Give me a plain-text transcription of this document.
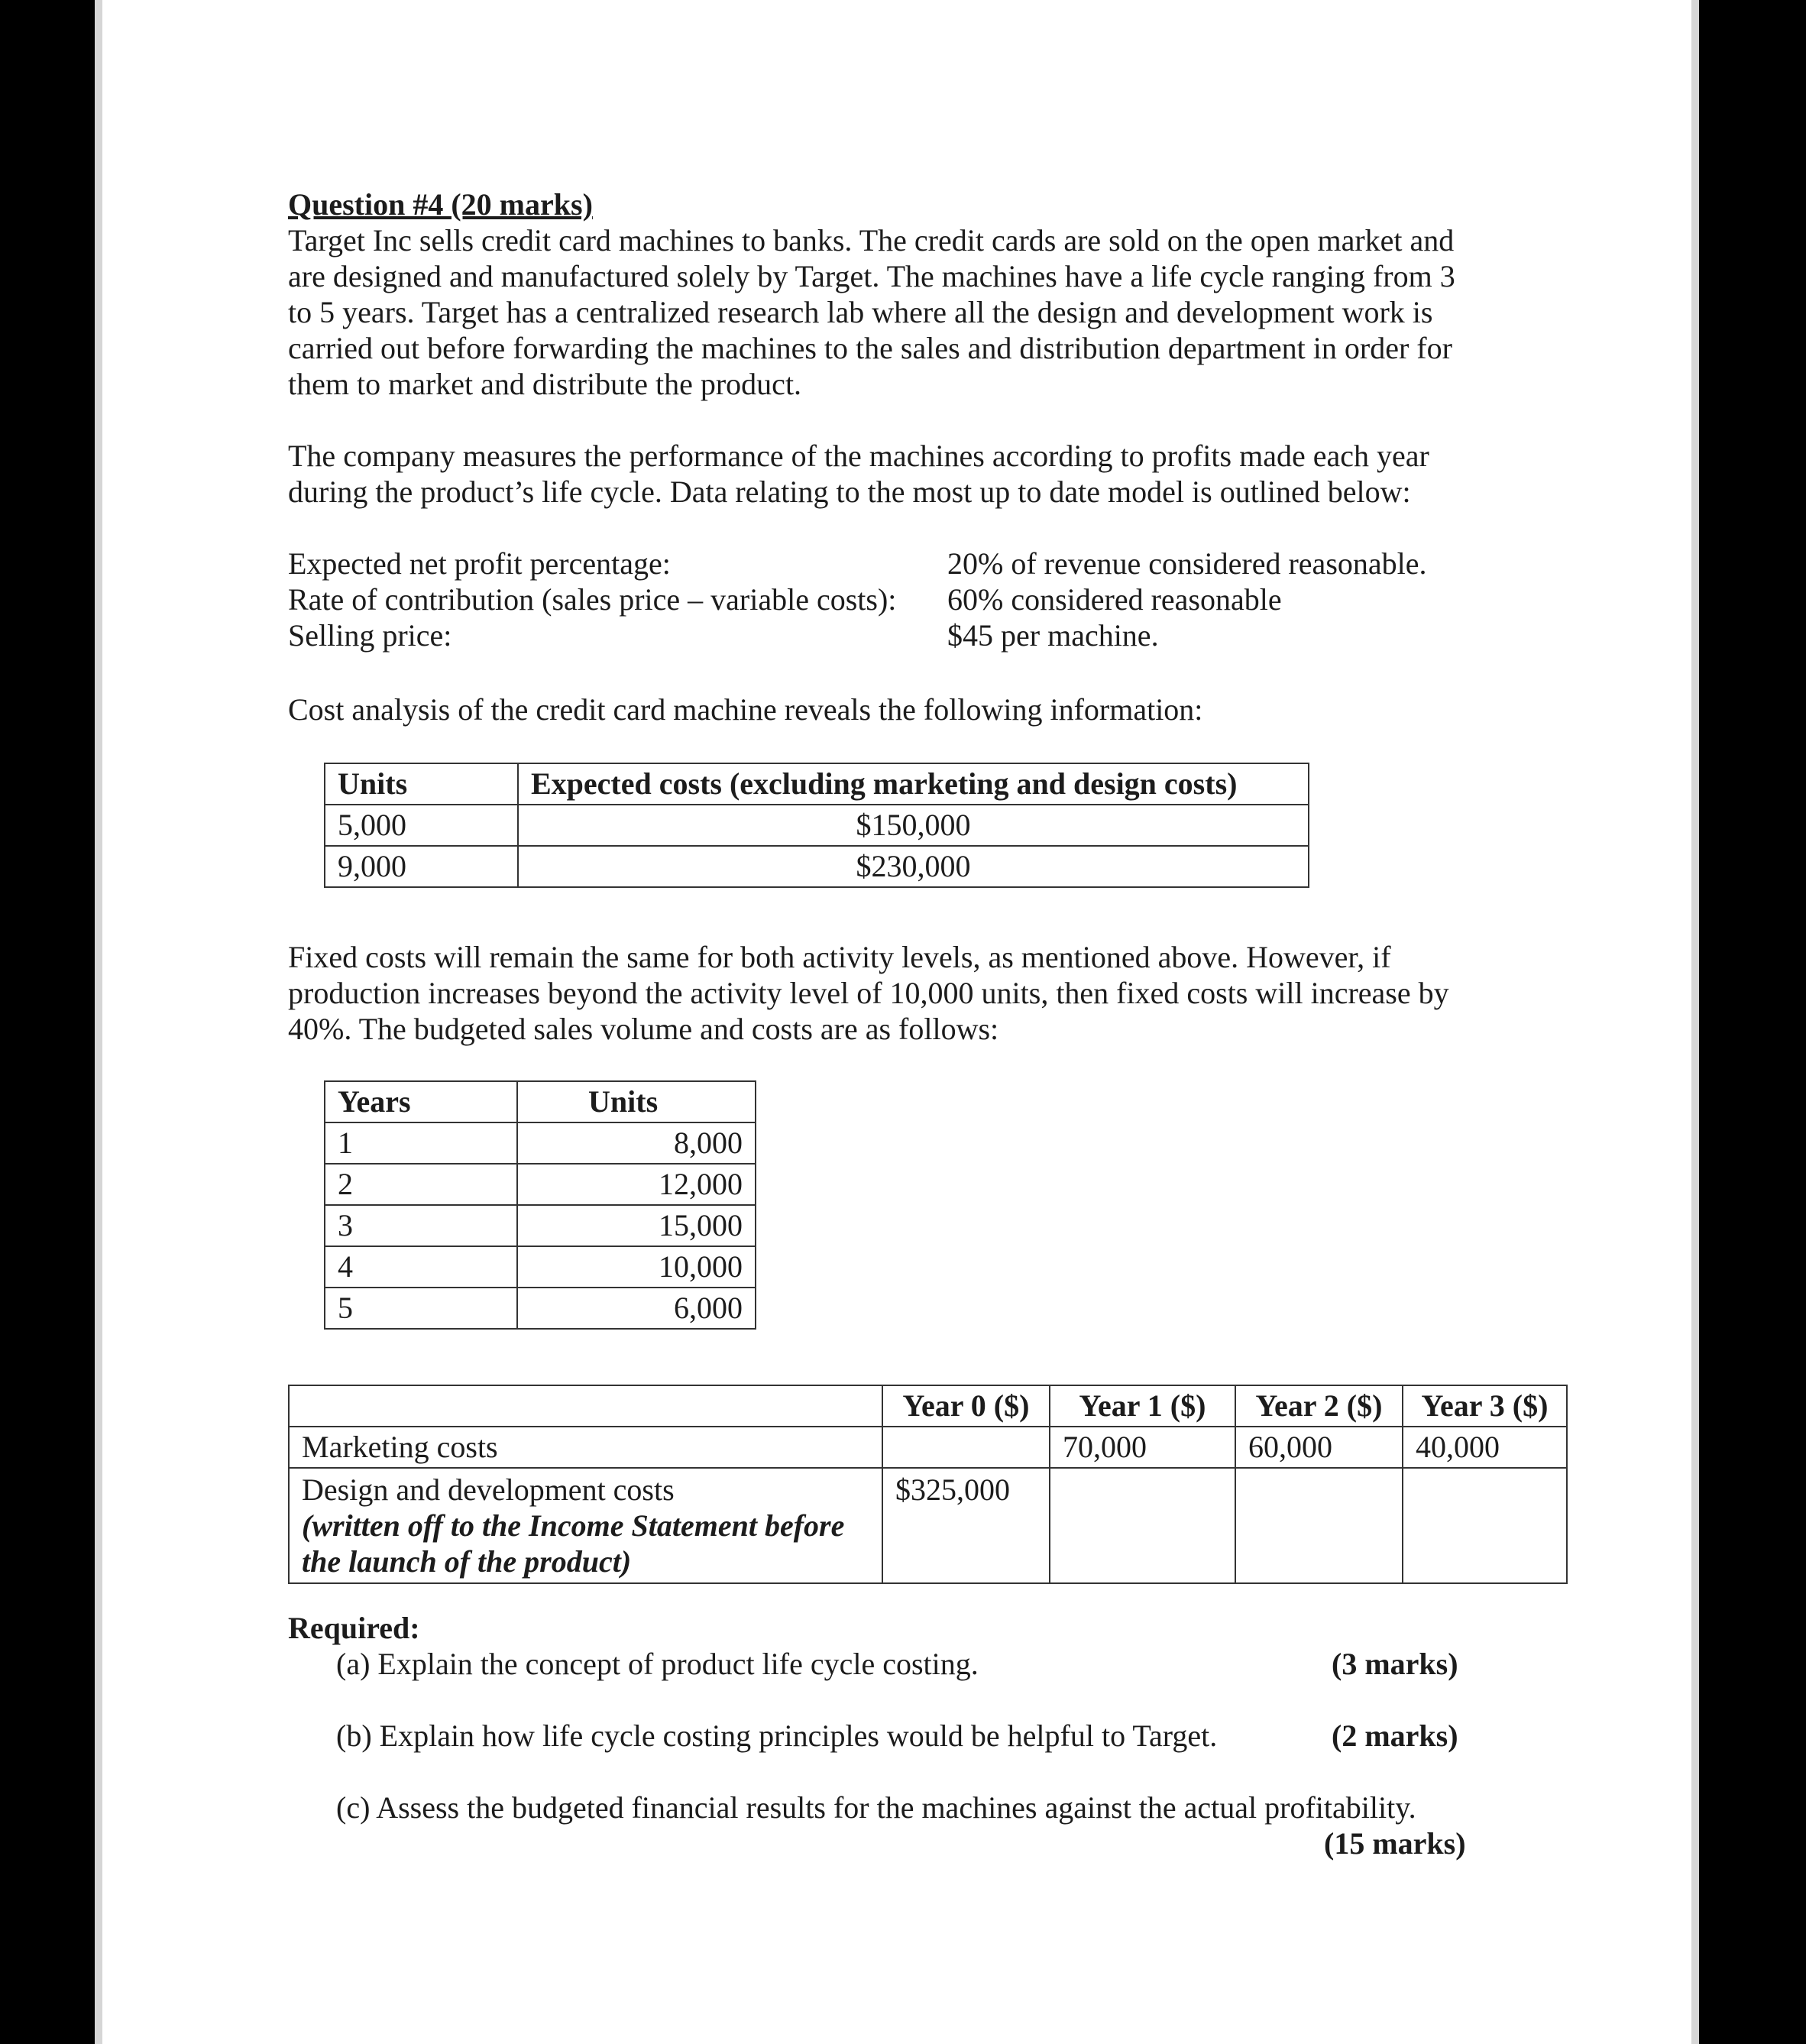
Question #4 (20 marks)
Target Inc sells credit card machines to banks. The credit cards are sold on the open market and
are designed and manufactured solely by Target. The machines have a life cycle ranging from 3
to 5 years. Target has a centralized research lab where all the design and development work is
carried out before forwarding the machines to the sales and distribution department in order for
them to market and distribute the product.
The company measures the performance of the machines according to profits made each year
during the product’s life cycle. Data relating to the most up to date model is outlined below:
Expected net profit percentage:	20% of revenue considered reasonable.
Rate of contribution (sales price – variable costs): 60% considered reasonable
Selling price:	$45 per machine.
Cost analysis of the credit card machine reveals the following information:
Units	Expected costs (excluding marketing and design costs)
5,000	$150,000
9,000	$230,000
Fixed costs will remain the same for both activity levels, as mentioned above. However, if
production increases beyond the activity level of 10,000 units, then fixed costs will increase by
40%. The budgeted sales volume and costs are as follows:
Years	Units
1	8,000
2	12,000
3	15,000
4	10,000
5	6,000
	Year 0 ($)	Year 1 ($)	Year 2 ($)	Year 3 ($)
Marketing costs		70,000	60,000	40,000

Design and development costs
(written off to the Income Statement before
the launch of the product)	$325,000			
Required:
(a) Explain the concept of product life cycle costing.	(3 marks)
(b) Explain how life cycle costing principles would be helpful to Target.	(2 marks)
(c) Assess the budgeted financial results for the machines against the actual profitability.
(15 marks)
